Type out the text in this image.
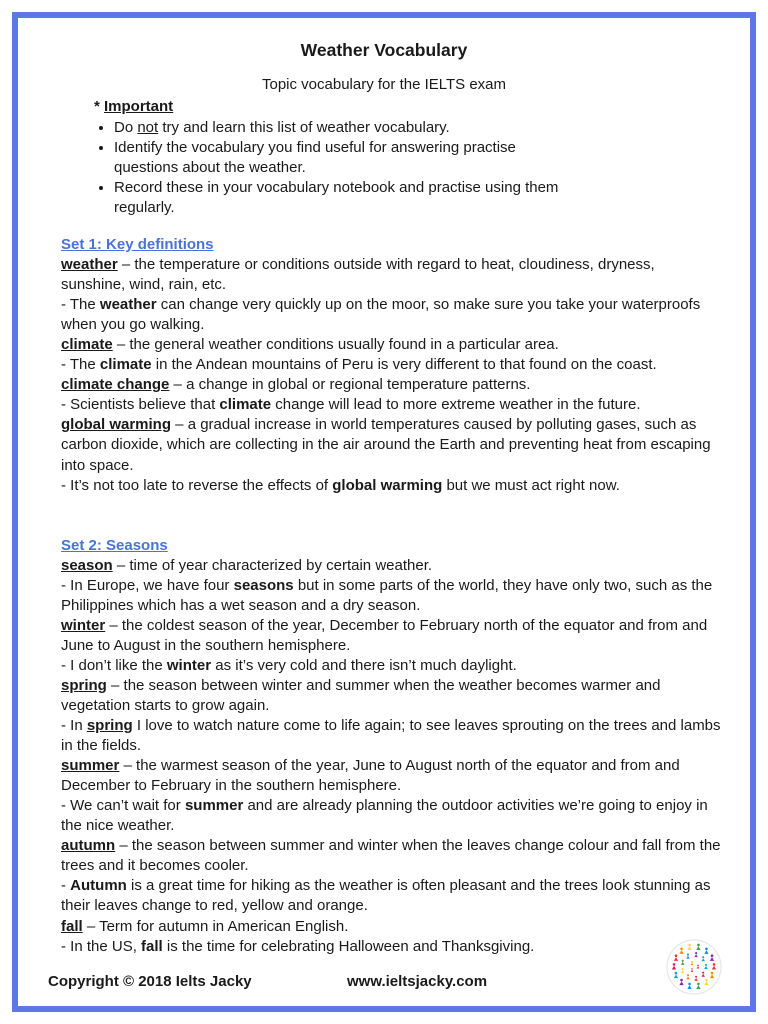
Weather Vocabulary
Topic vocabulary for the IELTS exam
* Important
• Do not try and learn this list of weather vocabulary.
• Identify the vocabulary you find useful for answering practise questions about the weather.
• Record these in your vocabulary notebook and practise using them regularly.

Set 1: Key definitions

weather – the temperature or conditions outside with regard to heat, cloudiness, dryness, sunshine, wind, rain, etc.

- The weather can change very quickly up on the moor, so make sure you take your waterproofs when you go walking.

climate – the general weather conditions usually found in a particular area.

- The climate in the Andean mountains of Peru is very different to that found on the coast.

climate change – a change in global or regional temperature patterns.

- Scientists believe that climate change will lead to more extreme weather in the future.

global warming – a gradual increase in world temperatures caused by polluting gases, such as carbon dioxide, which are collecting in the air around the Earth and preventing heat from escaping into space.

- It’s not too late to reverse the effects of global warming but we must act right now.

Set 2: Seasons

season – time of year characterized by certain weather.

- In Europe, we have four seasons but in some parts of the world, they have only two, such as the Philippines which has a wet season and a dry season.

winter – the coldest season of the year, December to February north of the equator and from and June to August in the southern hemisphere.

- I don’t like the winter as it’s very cold and there isn’t much daylight.

spring – the season between winter and summer when the weather becomes warmer and vegetation starts to grow again.

- In spring I love to watch nature come to life again; to see leaves sprouting on the trees and lambs in the fields.

summer – the warmest season of the year, June to August north of the equator and from and December to February in the southern hemisphere.

- We can’t wait for summer and are already planning the outdoor activities we’re going to enjoy in the nice weather.

autumn – the season between summer and winter when the leaves change colour and fall from the trees and it becomes cooler.

- Autumn is a great time for hiking as the weather is often pleasant and the trees look stunning as their leaves change to red, yellow and orange.

fall – Term for autumn in American English.

- In the US, fall is the time for celebrating Halloween and Thanksgiving.

Copyright © 2018 Ielts Jacky	www.ieltsjacky.com
